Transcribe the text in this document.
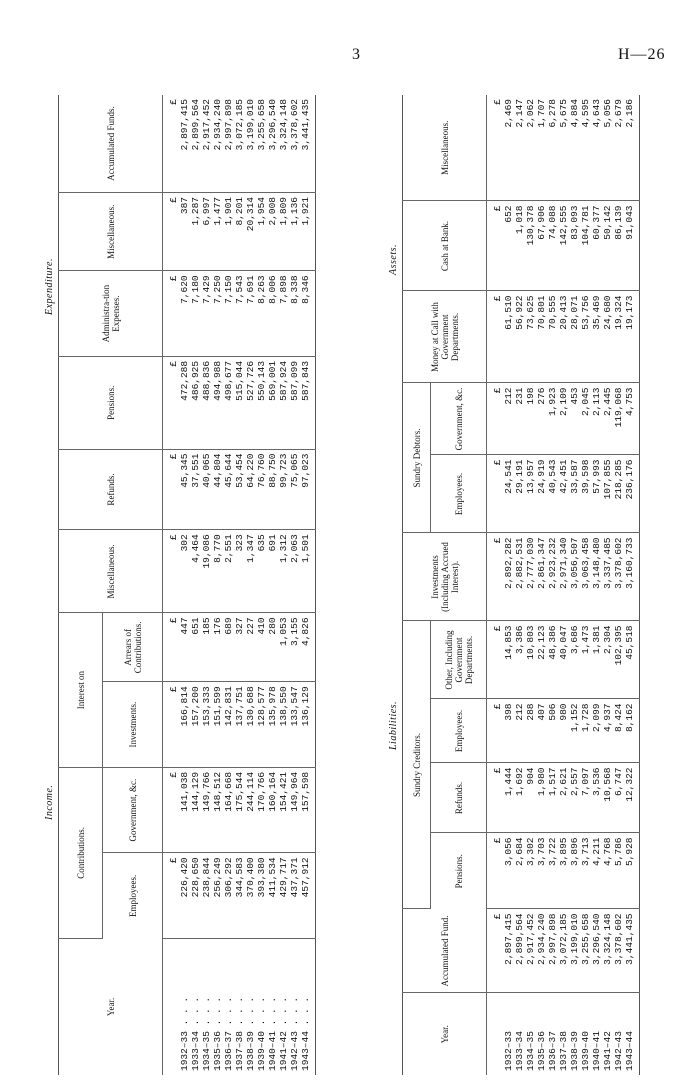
3	H—26
Income.
Expenditure.
Year.	Contributions.		Interest on		Miscellaneous.	Refunds.	Pensions.	Administra-tion Expenses.	Miscellaneous.	Accumulated Funds.
	Employees.	Government, &c.	Investments.	Arrears of Contributions.						
	£	£	£	£	£	£	£	£	£	£
1932–33 . . .	226,420	141,038	166,814	447	302	45,345	472,288	7,620	387	2,897,415
1933–34 . . .	228,650	144,129	157,200	651	4,464	37,551	486,925	7,180	1,287	2,899,564
1934–35 . . .	238,844	149,766	153,333	185	19,086	40,065	488,836	7,429	6,997	2,917,452
1935–36 . . .	256,249	148,512	151,599	176	8,770	44,804	494,988	7,250	1,477	2,934,240
1936–37 . . .	306,292	164,668	142,831	689	2,551	45,644	498,677	7,150	1,901	2,997,898
1937–38 . . .	344,583	175,544	137,751	327	323	53,454	515,044	7,543	8,201	3,072,185
1938–39 . . .	370,400	244,114	130,688	227	1,347	64,220	527,726	7,691	20,314	3,199,010
1939–40 . . .	393,380	170,766	128,577	410	635	76,760	550,143	8,263	1,954	3,255,658
1940–41 . . .	411,534	160,164	135,978	280	691	88,750	569,001	8,006	2,008	3,296,540
1941–42 . . .	429,717	154,421	138,550	1,053	1,312	99,723	587,924	7,898	1,809	3,324,148
1942–43 . . .	437,371	149,964	133,547	3,155	2,063	75,065	587,099	8,338	1,136	3,378,602
1943–44 . . .	457,912	157,598	136,129	4,826	1,501	97,023	587,843	8,346	1,921	3,441,435
Liabilities.
Assets.
Year.	Accumulated Fund.	Sundry Creditors.				Investments (Including Accrued Interest).	Sundry Debtors.		Money at Call with Government Departments.	Cash at Bank.	Miscellaneous.
		Pensions.	Refunds.	Employees.	Other, Including Government Departments.		Employees.	Government, &c.			
	£	£	£	£	£	£	£	£	£	£	£
1932–33	2,897,415	3,056	1,444	398	14,853	2,892,282	24,541	212	61,510	652	2,469
1933–34	2,899,564	2,684	1,692	212	3,386	2,882,531	29,191	231	56,922	1,018	2,147
1934–35	2,917,452	3,302	904	288	10,803	2,777,030	13,957	198	73,625	130,378	2,062
1935–36	2,934,240	3,703	1,980	407	22,123	2,861,347	24,919	276	70,801	67,906	1,707
1936–37	2,997,898	3,722	1,517	506	48,386	2,923,232	40,543	1,923	70,555	74,088	6,278
1937–38	3,072,185	3,895	2,621	980	40,047	2,971,340	42,451	2,109	20,413	142,555	5,675
1938–39	3,199,010	3,896	2,557	1,152	3,686	3,056,507	33,587	453	28,071	83,093	4,884
1939–40	3,255,658	3,713	7,097	1,728	1,473	3,063,458	39,598	2,045	53,756	104,781	4,595
1940–41	3,296,540	4,211	3,536	2,099	1,381	3,148,480	57,993	2,113	35,469	60,377	4,643
1941–42	3,324,148	4,768	10,568	4,937	2,304	3,337,485	107,855	2,445	24,680	50,142	5,056
1942–43	3,378,602	5,786	6,747	8,424	102,395	3,378,602	218,285	119,068	19,324	86,139	2,679
1943–44	3,441,435	5,928	12,322	8,162	45,518	3,160,733	236,176	4,753	19,173	91,043	2,186
